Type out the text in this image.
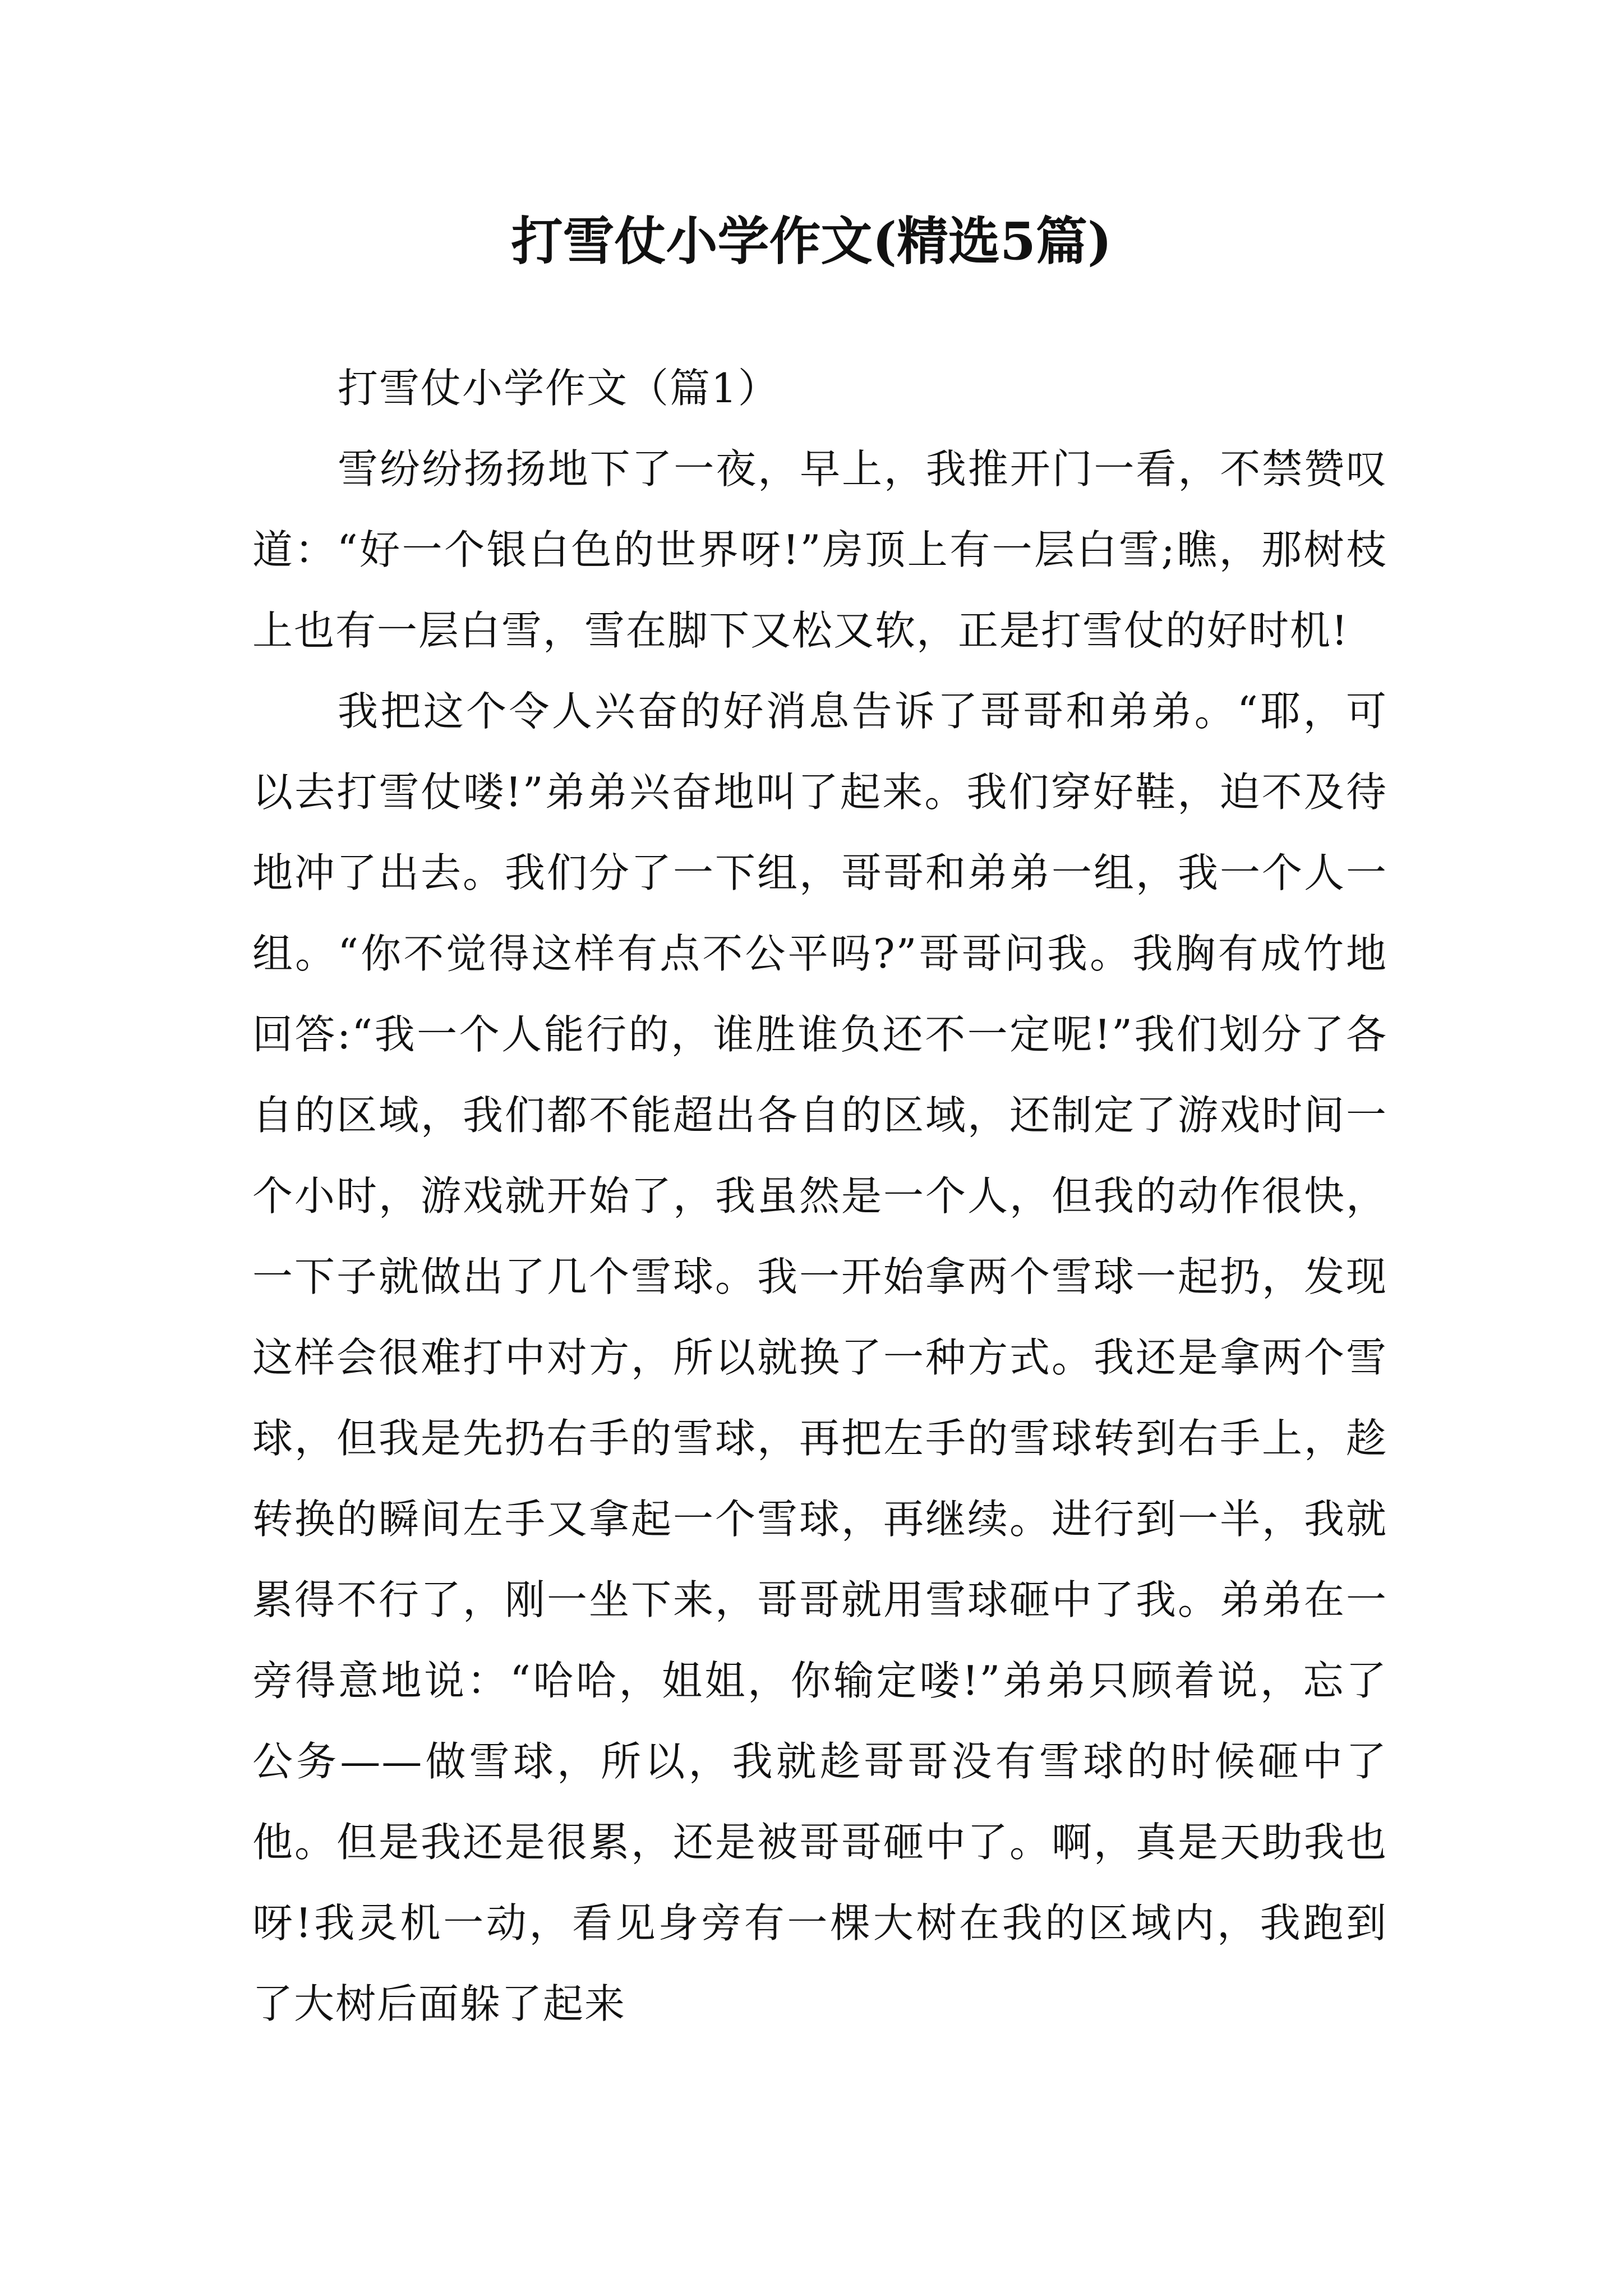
打雪仗小学作文(精选5篇)

打雪仗小学作文（篇1）

雪纷纷扬扬地下了一夜，早上，我推开门一看，不禁赞叹道：“好一个银白色的世界呀!”房顶上有一层白雪;瞧，那树枝上也有一层白雪，雪在脚下又松又软，正是打雪仗的好时机!

我把这个令人兴奋的好消息告诉了哥哥和弟弟。“耶，可以去打雪仗喽!”弟弟兴奋地叫了起来。我们穿好鞋，迫不及待地冲了出去。我们分了一下组，哥哥和弟弟一组，我一个人一组。“你不觉得这样有点不公平吗?”哥哥问我。我胸有成竹地回答:“我一个人能行的，谁胜谁负还不一定呢!”我们划分了各自的区域，我们都不能超出各自的区域，还制定了游戏时间一个小时，游戏就开始了，我虽然是一个人，但我的动作很快，一下子就做出了几个雪球。我一开始拿两个雪球一起扔，发现这样会很难打中对方，所以就换了一种方式。我还是拿两个雪球，但我是先扔右手的雪球，再把左手的雪球转到右手上，趁转换的瞬间左手又拿起一个雪球，再继续。进行到一半，我就累得不行了，刚一坐下来，哥哥就用雪球砸中了我。弟弟在一旁得意地说：“哈哈，姐姐，你输定喽!”弟弟只顾着说，忘了公务——做雪球，所以，我就趁哥哥没有雪球的时候砸中了他。但是我还是很累，还是被哥哥砸中了。啊，真是天助我也呀!我灵机一动，看见身旁有一棵大树在我的区域内，我跑到了大树后面躲了起来
